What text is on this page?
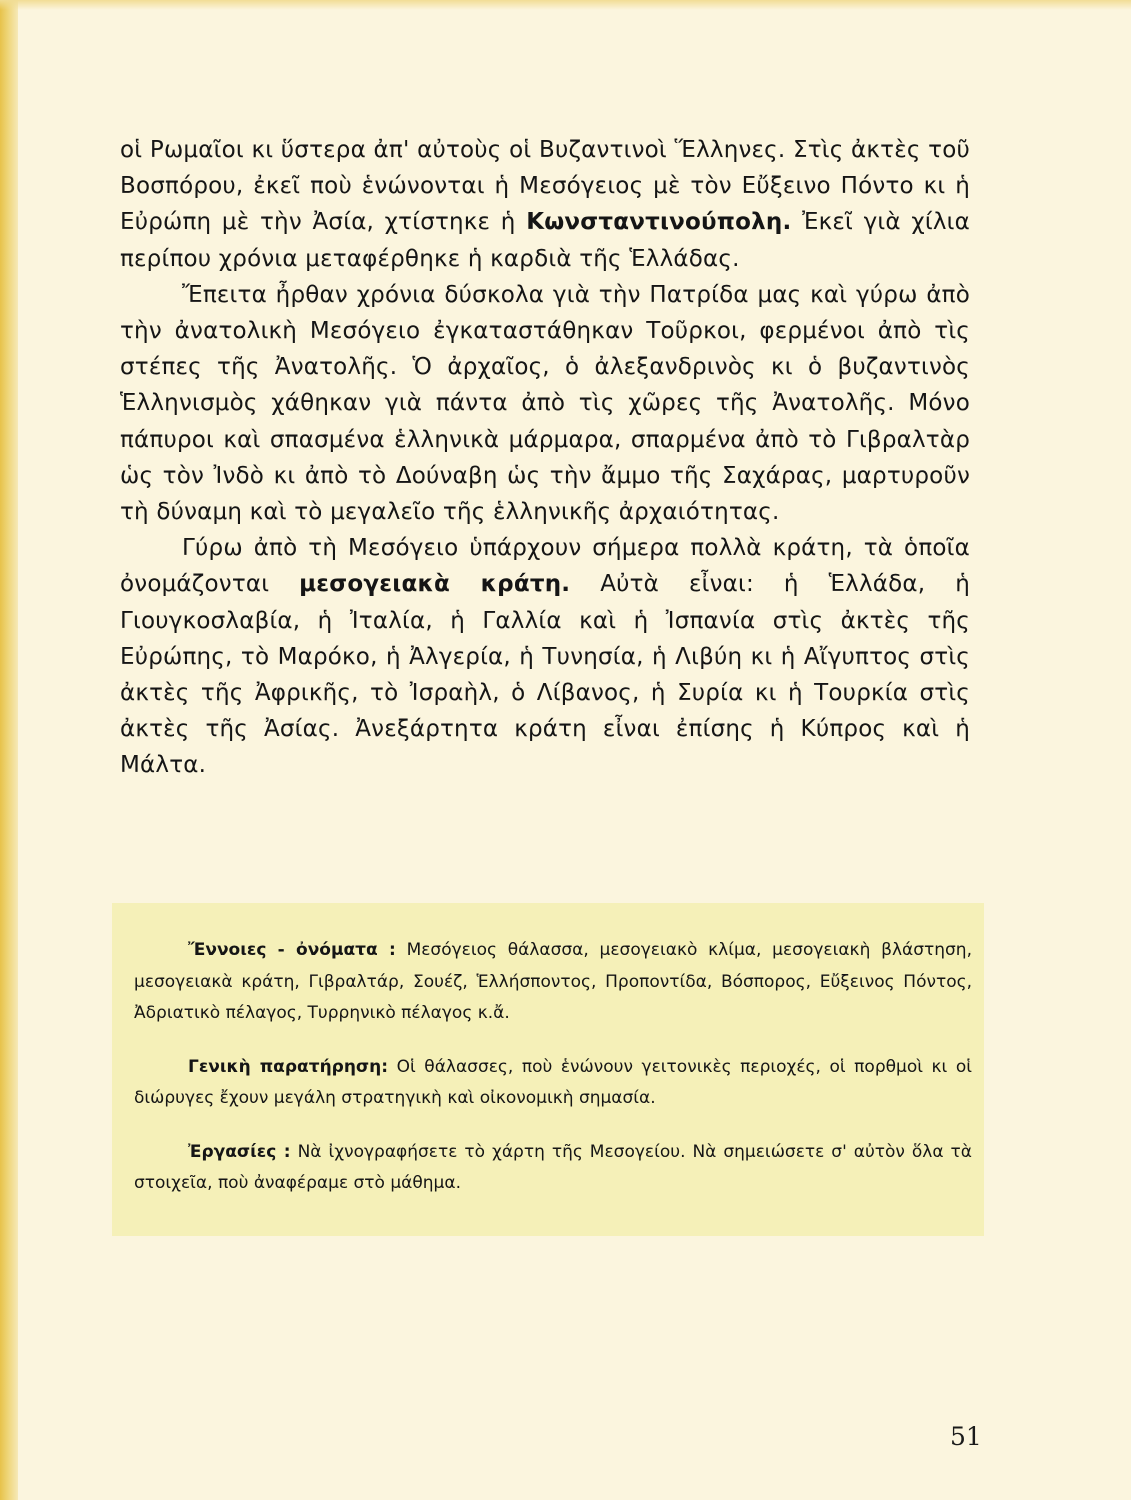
οἱ Ρωμαῖοι κι ὕστερα ἀπ' αὐτοὺς οἱ Βυζαντινοὶ Ἕλληνες. Στὶς ἀκτὲς τοῦ Βοσπόρου, ἐκεῖ ποὺ ἑνώνονται ἡ Μεσόγειος μὲ τὸν Εὔξεινο Πόντο κι ἡ Εὐρώπη μὲ τὴν Ἀσία, χτίστηκε ἡ Κωνσταντινούπολη. Ἐκεῖ γιὰ χίλια περίπου χρόνια μεταφέρθηκε ἡ καρδιὰ τῆς Ἑλλάδας.

Ἔπειτα ἦρθαν χρόνια δύσκολα γιὰ τὴν Πατρίδα μας καὶ γύρω ἀπὸ τὴν ἀνατολικὴ Μεσόγειο ἐγκαταστάθηκαν Τοῦρκοι, φερμένοι ἀπὸ τὶς στέπες τῆς Ἀνατολῆς. Ὁ ἀρχαῖος, ὁ ἀλεξανδρινὸς κι ὁ βυζαντινὸς Ἑλληνισμὸς χάθηκαν γιὰ πάντα ἀπὸ τὶς χῶρες τῆς Ἀνατολῆς. Μόνο πάπυροι καὶ σπασμένα ἑλληνικὰ μάρμαρα, σπαρμένα ἀπὸ τὸ Γιβραλτὰρ ὡς τὸν Ἰνδὸ κι ἀπὸ τὸ Δούναβη ὡς τὴν ἄμμο τῆς Σαχάρας, μαρτυροῦν τὴ δύναμη καὶ τὸ μεγαλεῖο τῆς ἑλληνικῆς ἀρχαιότητας.

Γύρω ἀπὸ τὴ Μεσόγειο ὑπάρχουν σήμερα πολλὰ κράτη, τὰ ὁποῖα ὀνομάζονται μεσογειακὰ κράτη. Αὐτὰ εἶναι: ἡ Ἑλλάδα, ἡ Γιουγκοσλαβία, ἡ Ἰταλία, ἡ Γαλλία καὶ ἡ Ἰσπανία στὶς ἀκτὲς τῆς Εὐρώπης, τὸ Μαρόκο, ἡ Ἀλγερία, ἡ Τυνησία, ἡ Λιβύη κι ἡ Αἴγυπτος στὶς ἀκτὲς τῆς Ἀφρικῆς, τὸ Ἰσραὴλ, ὁ Λίβανος, ἡ Συρία κι ἡ Τουρκία στὶς ἀκτὲς τῆς Ἀσίας. Ἀνεξάρτητα κράτη εἶναι ἐπίσης ἡ Κύπρος καὶ ἡ Μάλτα.

Ἔννοιες - ὀνόματα : Μεσόγειος θάλασσα, μεσογειακὸ κλίμα, μεσογειακὴ βλάστηση, μεσογειακὰ κράτη, Γιβραλτάρ, Σουέζ, Ἑλλήσποντος, Προποντίδα, Βόσπορος, Εὔξεινος Πόντος, Ἀδριατικὸ πέλαγος, Τυρρηνικὸ πέλαγος κ.ἄ.

Γενικὴ παρατήρηση: Οἱ θάλασσες, ποὺ ἑνώνουν γειτονικὲς περιοχές, οἱ πορθμοὶ κι οἱ διώρυγες ἔχουν μεγάλη στρατηγικὴ καὶ οἰκονομικὴ σημασία.

Ἐργασίες : Νὰ ἰχνογραφήσετε τὸ χάρτη τῆς Μεσογείου. Νὰ σημειώσετε σ' αὐτὸν ὅλα τὰ στοιχεῖα, ποὺ ἀναφέραμε στὸ μάθημα.

51
